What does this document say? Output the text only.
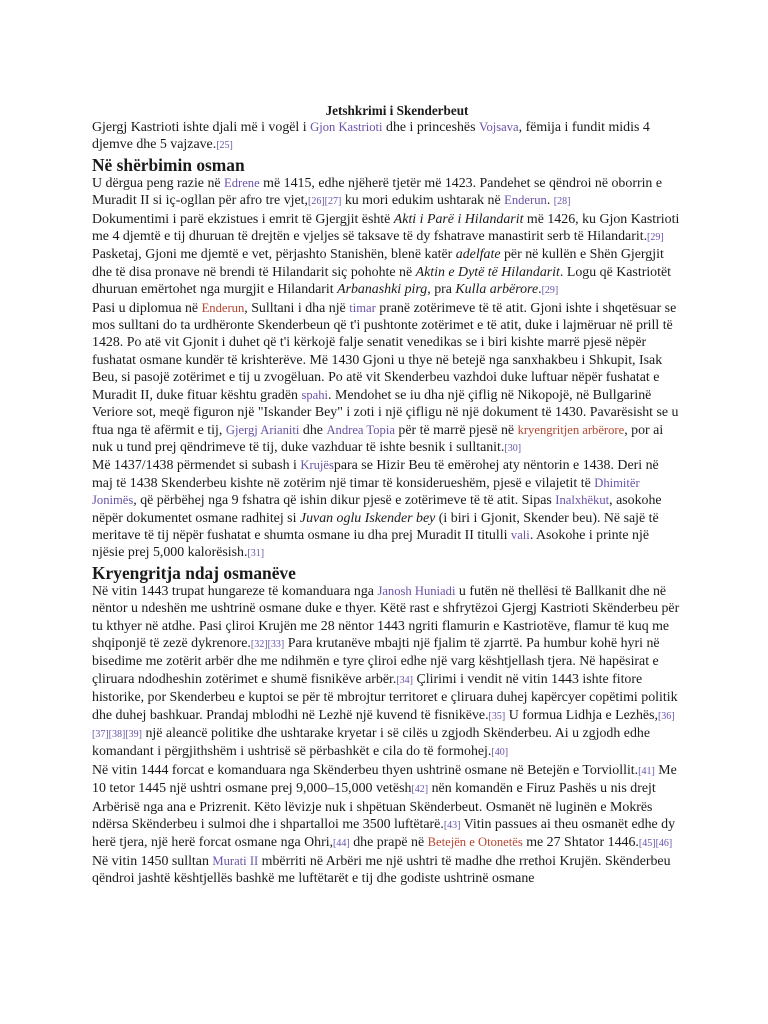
Jetshkrimi i Skenderbeut

Gjergj Kastrioti ishte djali më i vogël i Gjon Kastrioti dhe i princeshës Vojsava, fëmija i fundit midis 4 djemve dhe 5 vajzave.[25]

Në shërbimin osman

U dërgua peng razie në Edrene më 1415, edhe njëherë tjetër më 1423. Pandehet se qëndroi në oborrin e Muradit II si iç-ogllan për afro tre vjet,[26][27] ku mori edukim ushtarak në Enderun. [28]

Dokumentimi i parë ekzistues i emrit të Gjergjit është Akti i Parë i Hilandarit më 1426, ku Gjon Kastrioti me 4 djemtë e tij dhuruan të drejtën e vjeljes së taksave të dy fshatrave manastirit serb të Hilandarit.[29] Pasketaj, Gjoni me djemtë e vet, përjashto Stanishën, blenë katër adelfate për në kullën e Shën Gjergjit dhe të disa pronave në brendi të Hilandarit siç pohohte në Aktin e Dytë të Hilandarit. Logu që Kastriotët dhuruan emërtohet nga murgjit e Hilandarit Arbanashki pirg, pra Kulla arbërore.[29]

Pasi u diplomua në Enderun, Sulltani i dha një timar pranë zotërimeve të të atit. Gjoni ishte i shqetësuar se mos sulltani do ta urdhëronte Skenderbeun që t'i pushtonte zotërimet e të atit, duke i lajmëruar në prill të 1428. Po atë vit Gjonit i duhet që t'i kërkojë falje senatit venedikas se i biri kishte marrë pjesë nëpër fushatat osmane kundër të krishterëve. Më 1430 Gjoni u thye në betejë nga sanxhakbeu i Shkupit, Isak Beu, si pasojë zotërimet e tij u zvogëluan. Po atë vit Skenderbeu vazhdoi duke luftuar nëpër fushatat e Muradit II, duke fituar kështu gradën spahi. Mendohet se iu dha një çiflig në Nikopojë, në Bullgarinë Veriore sot, meqë figuron një "Iskander Bey" i zoti i një çifligu në një dokument të 1430. Pavarësisht se u ftua nga të afërmit e tij, Gjergj Arianiti dhe Andrea Topia për të marrë pjesë në kryengritjen arbërore, por ai nuk u tund prej qëndrimeve të tij, duke vazhduar të ishte besnik i sulltanit.[30]

Më 1437/1438 përmendet si subash i Krujëspara se Hizir Beu të emërohej aty nëntorin e 1438. Deri në maj të 1438 Skenderbeu kishte në zotërim një timar të konsiderueshëm, pjesë e vilajetit të Dhimitër Jonimës, që përbëhej nga 9 fshatra që ishin dikur pjesë e zotërimeve të të atit. Sipas Inalxhëkut, asokohe nëpër dokumentet osmane radhitej si Juvan oglu Iskender bey (i biri i Gjonit, Skender beu). Në sajë të meritave të tij nëpër fushatat e shumta osmane iu dha prej Muradit II titulli vali. Asokohe i printe një njësie prej 5,000 kalorësish.[31]

Kryengritja ndaj osmanëve

Në vitin 1443 trupat hungareze të komanduara nga Janosh Huniadi u futën në thellësi të Ballkanit dhe në nëntor u ndeshën me ushtrinë osmane duke e thyer. Këtë rast e shfrytëzoi Gjergj Kastrioti Skënderbeu për tu kthyer në atdhe. Pasi çliroi Krujën me 28 nëntor 1443 ngriti flamurin e Kastriotëve, flamur të kuq me shqiponjë të zezë dykrenore.[32][33] Para krutanëve mbajti një fjalim të zjarrtë. Pa humbur kohë hyri në bisedime me zotërit arbër dhe me ndihmën e tyre çliroi edhe një varg kështjellash tjera. Në hapësirat e çliruara ndodheshin zotërimet e shumë fisnikëve arbër.[34] Çlirimi i vendit në vitin 1443 ishte fitore historike, por Skenderbeu e kuptoi se për të mbrojtur territoret e çliruara duhej kapërcyer copëtimi politik dhe duhej bashkuar. Prandaj mblodhi në Lezhë një kuvend të fisnikëve.[35] U formua Lidhja e Lezhës,[36][37][38][39] një aleancë politike dhe ushtarake kryetar i së cilës u zgjodh Skënderbeu. Ai u zgjodh edhe komandant i përgjithshëm i ushtrisë së përbashkët e cila do të formohej.[40]

Në vitin 1444 forcat e komanduara nga Skënderbeu thyen ushtrinë osmane në Betejën e Torviollit.[41] Me 10 tetor 1445 një ushtri osmane prej 9,000–15,000 vetësh[42] nën komandën e Firuz Pashës u nis drejt Arbërisë nga ana e Prizrenit. Këto lëvizje nuk i shpëtuan Skënderbeut. Osmanët në luginën e Mokrës ndërsa Skënderbeu i sulmoi dhe i shpartalloi me 3500 luftëtarë.[43] Vitin passues ai theu osmanët edhe dy herë tjera, një herë forcat osmane nga Ohri,[44] dhe prapë në Betejën e Otonetës me 27 Shtator 1446.[45][46]

Në vitin 1450 sulltan Murati II mbërriti në Arbëri me një ushtri të madhe dhe rrethoi Krujën. Skënderbeu qëndroi jashtë kështjellës bashkë me luftëtarët e tij dhe godiste ushtrinë osmane
